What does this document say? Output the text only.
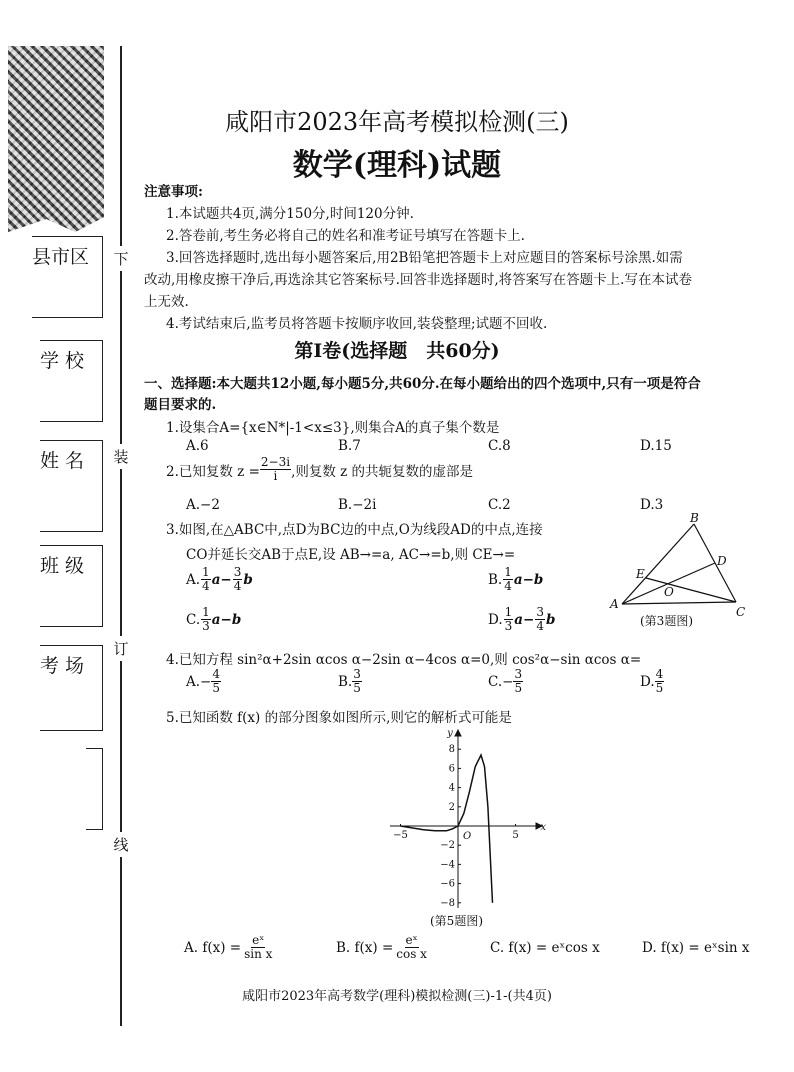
下
装
订
线
县市区
学 校
姓 名
班 级
考 场
咸阳市2023年高考模拟检测(三)
数学(理科)试题
注意事项:
1.本试题共4页,满分150分,时间120分钟.
2.答卷前,考生务必将自己的姓名和准考证号填写在答题卡上.
3.回答选择题时,选出每小题答案后,用2B铅笔把答题卡上对应题目的答案标号涂黑.如需
改动,用橡皮擦干净后,再选涂其它答案标号.回答非选择题时,将答案写在答题卡上.写在本试卷
上无效.
4.考试结束后,监考员将答题卡按顺序收回,装袋整理;试题不回收.
第Ⅰ卷(选择题　共60分)
一、选择题:本大题共12小题,每小题5分,共60分.在每小题给出的四个选项中,只有一项是符合
题目要求的.
1.设集合A={x∈N*|-1<x≤3},则集合A的真子集个数是
A.6	B.7	C.8	D.15
2.已知复数 $z = \frac{2-3i}{i}$ ,则复数 z 的共轭复数的虚部是
A.−2	B.−2i	C.2	D.3
3.如图,在△ABC中,点D为BC边的中点,O为线段AD的中点,连接
CO并延长交AB于点E,设 AB→=a, AC→=b,则 CE→=
A. $\frac{1}{4} a- \frac{3}{4}$ b	B. $\frac{1}{4} a-b$
C. $\frac{1}{3} a-b$	D. $\frac{1}{3} a- \frac{3}{4}$ b
A
B
C
D
E
O
(第3题图)
4.已知方程 sin²α+2sin αcos α−2sin α−4cos α=0,则 cos²α−sin αcos α=
$A.- \frac{4}{5}$	B. $\frac{3}{5}$	$C.- \frac{3}{5}$	D. $\frac{4}{5}$
5.已知函数 f(x) 的部分图象如图所示,则它的解析式可能是
x
y
O
−5	5
8
6
4
2
−2
−4
−6
−8
(第5题图)
A. $f(x) = \frac{\text{eˣ}}{\text{sin x}}$	B. $f(x) = \frac{\text{eˣ}}{\text{cos x}}$	C. f(x) = eˣcos x	D. f(x) = eˣsin x
咸阳市2023年高考数学(理科)模拟检测(三)-1-(共4页)
